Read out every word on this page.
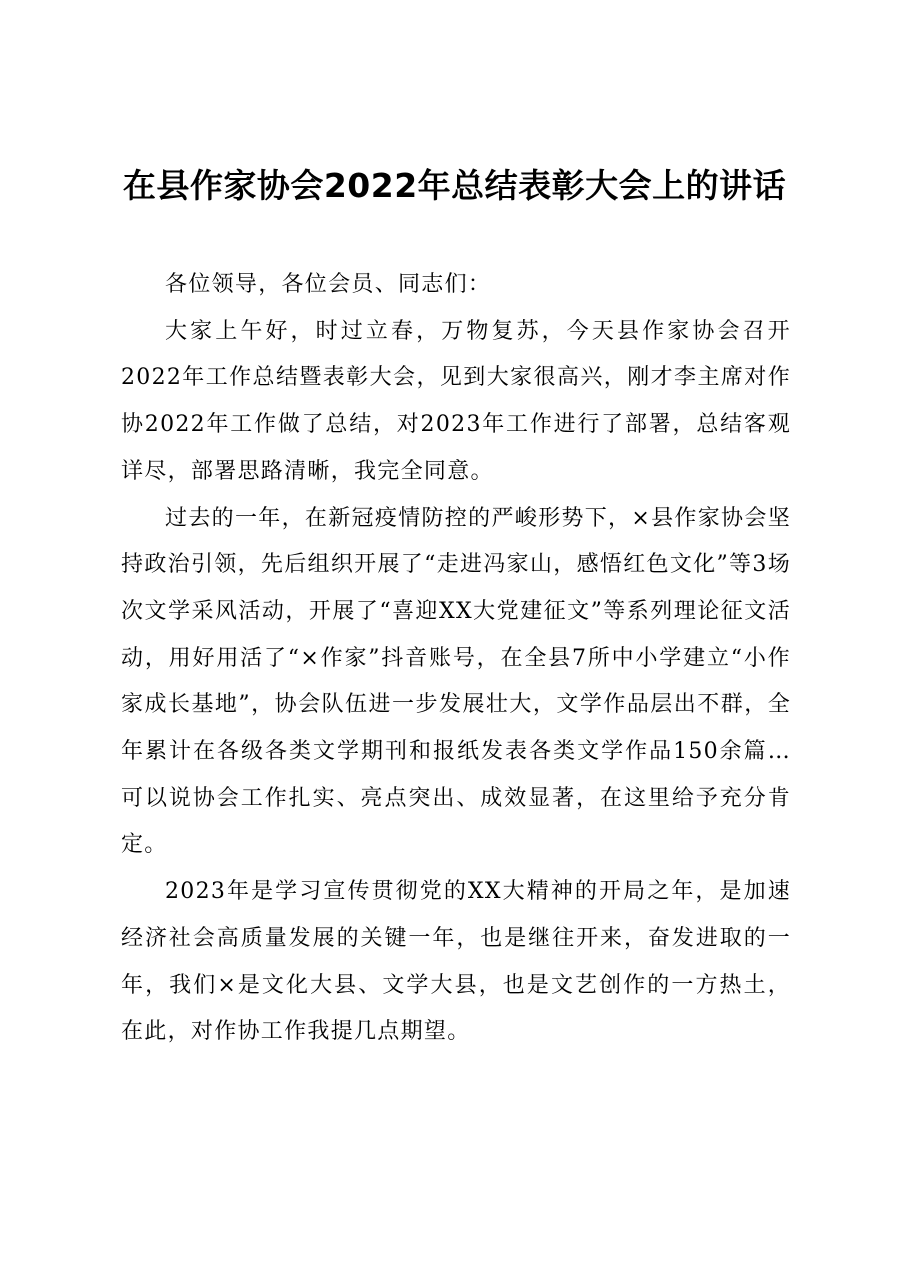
在县作家协会2022年总结表彰大会上的讲话

各位领导，各位会员、同志们：

大家上午好，时过立春，万物复苏，今天县作家协会召开2022年工作总结暨表彰大会，见到大家很高兴，刚才李主席对作协2022年工作做了总结，对2023年工作进行了部署，总结客观详尽，部署思路清晰，我完全同意。

过去的一年，在新冠疫情防控的严峻形势下，×县作家协会坚持政治引领，先后组织开展了“走进冯家山，感悟红色文化”等3场次文学采风活动，开展了“喜迎XX大党建征文”等系列理论征文活动，用好用活了“×作家”抖音账号，在全县7所中小学建立“小作家成长基地”，协会队伍进一步发展壮大，文学作品层出不群，全年累计在各级各类文学期刊和报纸发表各类文学作品150余篇…可以说协会工作扎实、亮点突出、成效显著，在这里给予充分肯定。

2023年是学习宣传贯彻党的XX大精神的开局之年，是加速经济社会高质量发展的关键一年，也是继往开来，奋发进取的一年，我们×是文化大县、文学大县，也是文艺创作的一方热土，在此，对作协工作我提几点期望。
